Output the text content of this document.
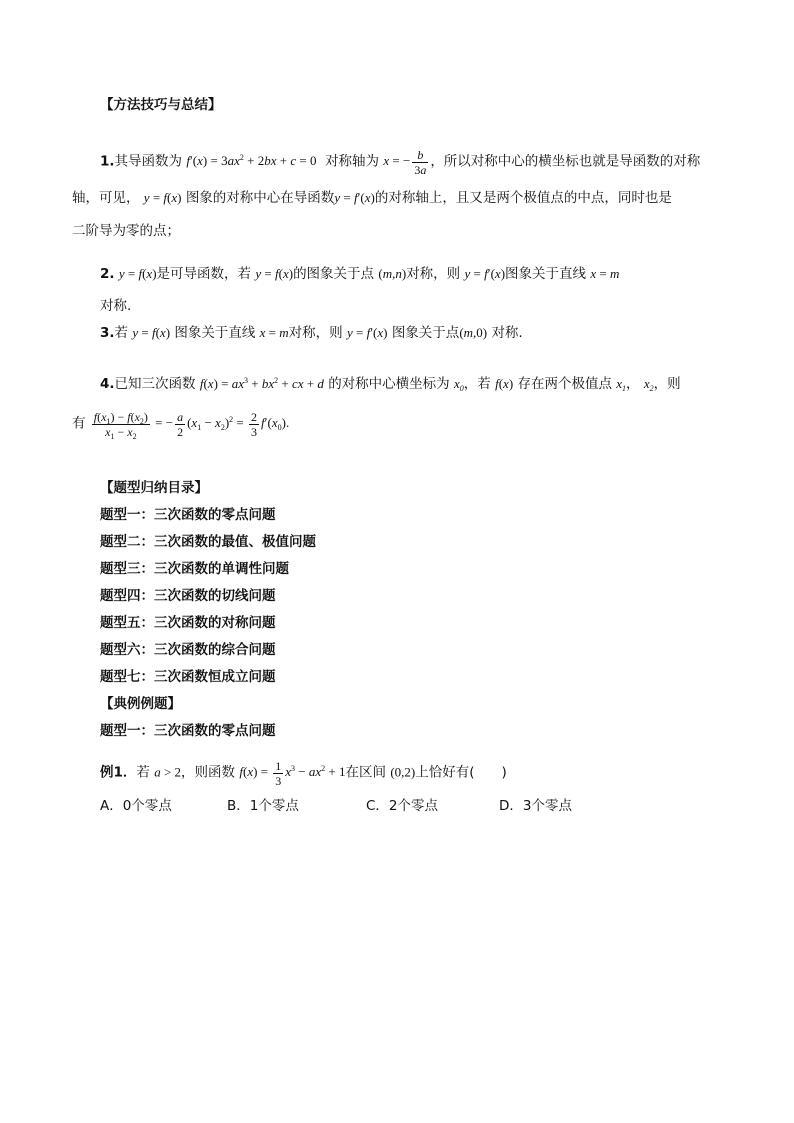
【方法技巧与总结】
1.其导函数为 $f'(x) = 3ax^2 + 2bx + c = 0$ 对称轴为 x = − $\frac{b}{3a}$ ，所以对称中心的横坐标也就是导函数的对称
轴，可见， y = f(x) 图象的对称中心在导函数y = f′(x)的对称轴上，且又是两个极值点的中点，同时也是
二阶导为零的点；
2. y = f(x)是可导函数，若 y = f(x)的图象关于点 (m,n)对称，则 y = f′(x)图象关于直线 x = m
对称.
3.若 y = f(x) 图象关于直线 x = m对称，则 y = f′(x) 图象关于点(m,0) 对称.
4.已知三次函数 $f(x) = ax^3 + bx^2$ + cx + d 的对称中心横坐标为 $x_0$，若 f(x) 存在两个极值点 $x_1$， $x_2$，则
有 $\frac{f(x_1) - f(x_2)}{x_1 - x_2}$ = − $\frac{a}{2} (x_1 - x_2)^2 = \frac{2}{3} f'(x_0)$.
【题型归纳目录】
题型一：三次函数的零点问题
题型二：三次函数的最值、极值问题
题型三：三次函数的单调性问题
题型四：三次函数的切线问题
题型五：三次函数的对称问题
题型六：三次函数的综合问题
题型七：三次函数恒成立问题
【典例例题】
题型一：三次函数的零点问题
例1．若 a > 2，则函数 $f(x) = \frac{1}{3} x^3 - ax^2 + 1$在区间 (0,2)上恰好有(　　)
A．0个零点	B．1个零点	C．2个零点	D．3个零点
